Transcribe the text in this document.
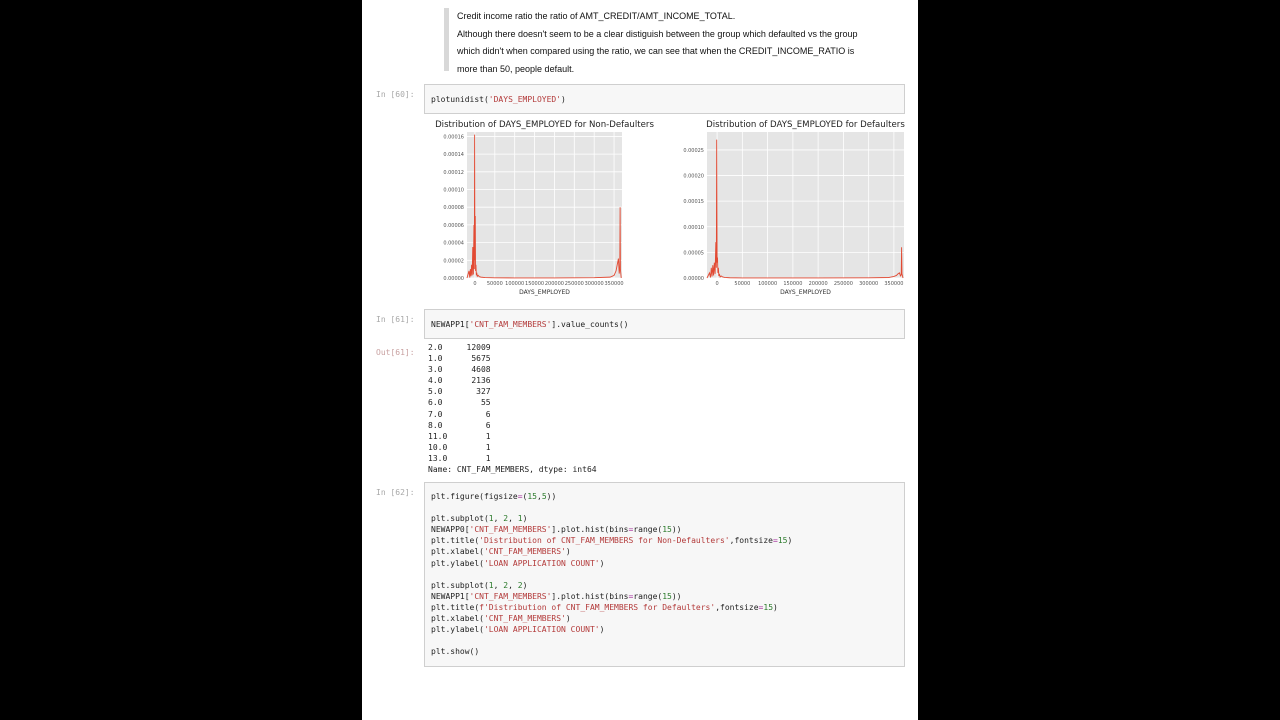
Credit income ratio the ratio of AMT_CREDIT/AMT_INCOME_TOTAL.

Although there doesn't seem to be a clear distiguish between the group which defaulted vs the group

which didn't when compared using the ratio, we can see that when the CREDIT_INCOME_RATIO is

more than 50, people default.

In [60]:
plotunidist('DAYS_EMPLOYED')
Distribution of DAYS_EMPLOYED for Non-Defaulters
0.00000
0.00002
0.00004
0.00006
0.00008
0.00010
0.00012
0.00014
0.00016
0 50000 100000 150000 200000 250000 300000 350000
DAYS_EMPLOYED
Distribution of DAYS_EMPLOYED for Defaulters
0.00000
0.00005
0.00010
0.00015
0.00020
0.00025
0	50000 100000 150000 200000 250000 300000 350000
DAYS_EMPLOYED
In [61]:
NEWAPP1['CNT_FAM_MEMBERS'].value_counts()
Out[61]:
2.0     12009
1.0      5675
3.0      4608
4.0      2136
5.0       327
6.0        55
7.0         6
8.0         6
11.0        1
10.0        1
13.0        1
Name: CNT_FAM_MEMBERS, dtype: int64
In [62]:	plt.figure(figsize=(15,5))
plt.subplot(1, 2, 1)
NEWAPP0['CNT_FAM_MEMBERS'].plot.hist(bins=range(15))
plt.title('Distribution of CNT_FAM_MEMBERS for Non-Defaulters',fontsize=15)
plt.xlabel('CNT_FAM_MEMBERS')
plt.ylabel('LOAN APPLICATION COUNT')
plt.subplot(1, 2, 2)
NEWAPP1['CNT_FAM_MEMBERS'].plot.hist(bins=range(15))
plt.title(f'Distribution of CNT_FAM_MEMBERS for Defaulters',fontsize=15)
plt.xlabel('CNT_FAM_MEMBERS')
plt.ylabel('LOAN APPLICATION COUNT')
plt.show()
